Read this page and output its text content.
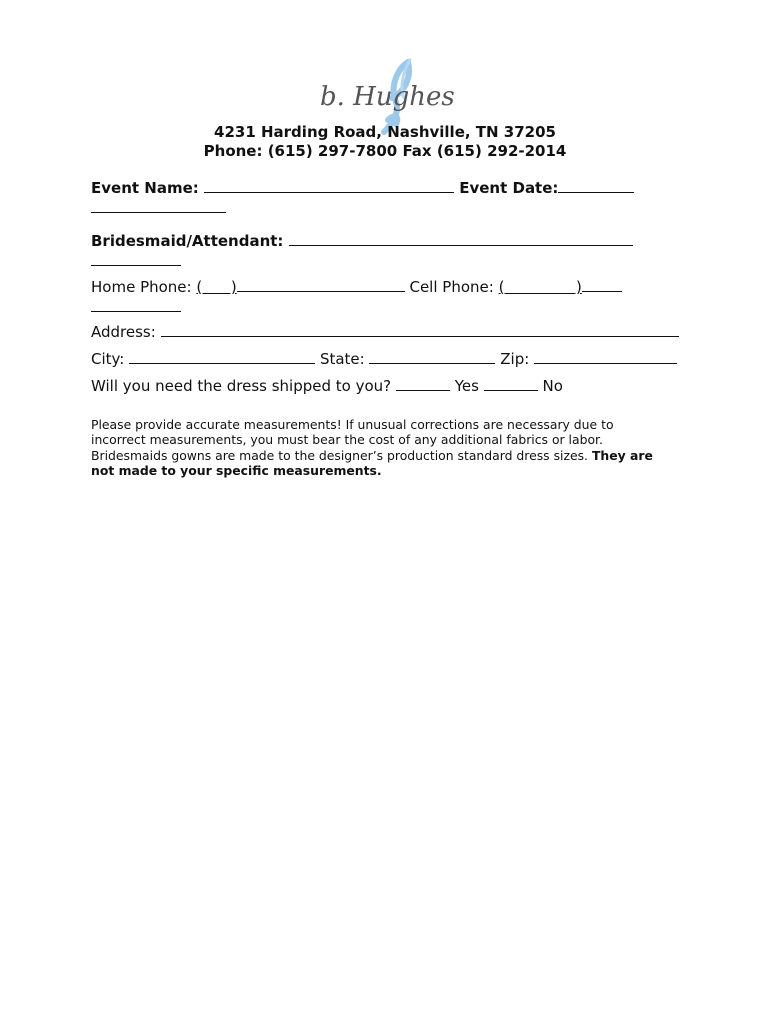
b. Hughes
4231 Harding Road, Nashville, TN 37205
Phone: (615) 297-7800 Fax (615) 292-2014
Event Name:	Event Date:
Bridesmaid/Attendant:
Home Phone: (      )	Cell Phone: (               )
Address:
City:	State:	Zip:
Will you need the dress shipped to you?	Yes	No
Please provide accurate measurements! If unusual corrections are necessary due to incorrect measurements, you must bear the cost of any additional fabrics or labor. Bridesmaids gowns are made to the designer’s production standard dress sizes. They are not made to your specific measurements.
